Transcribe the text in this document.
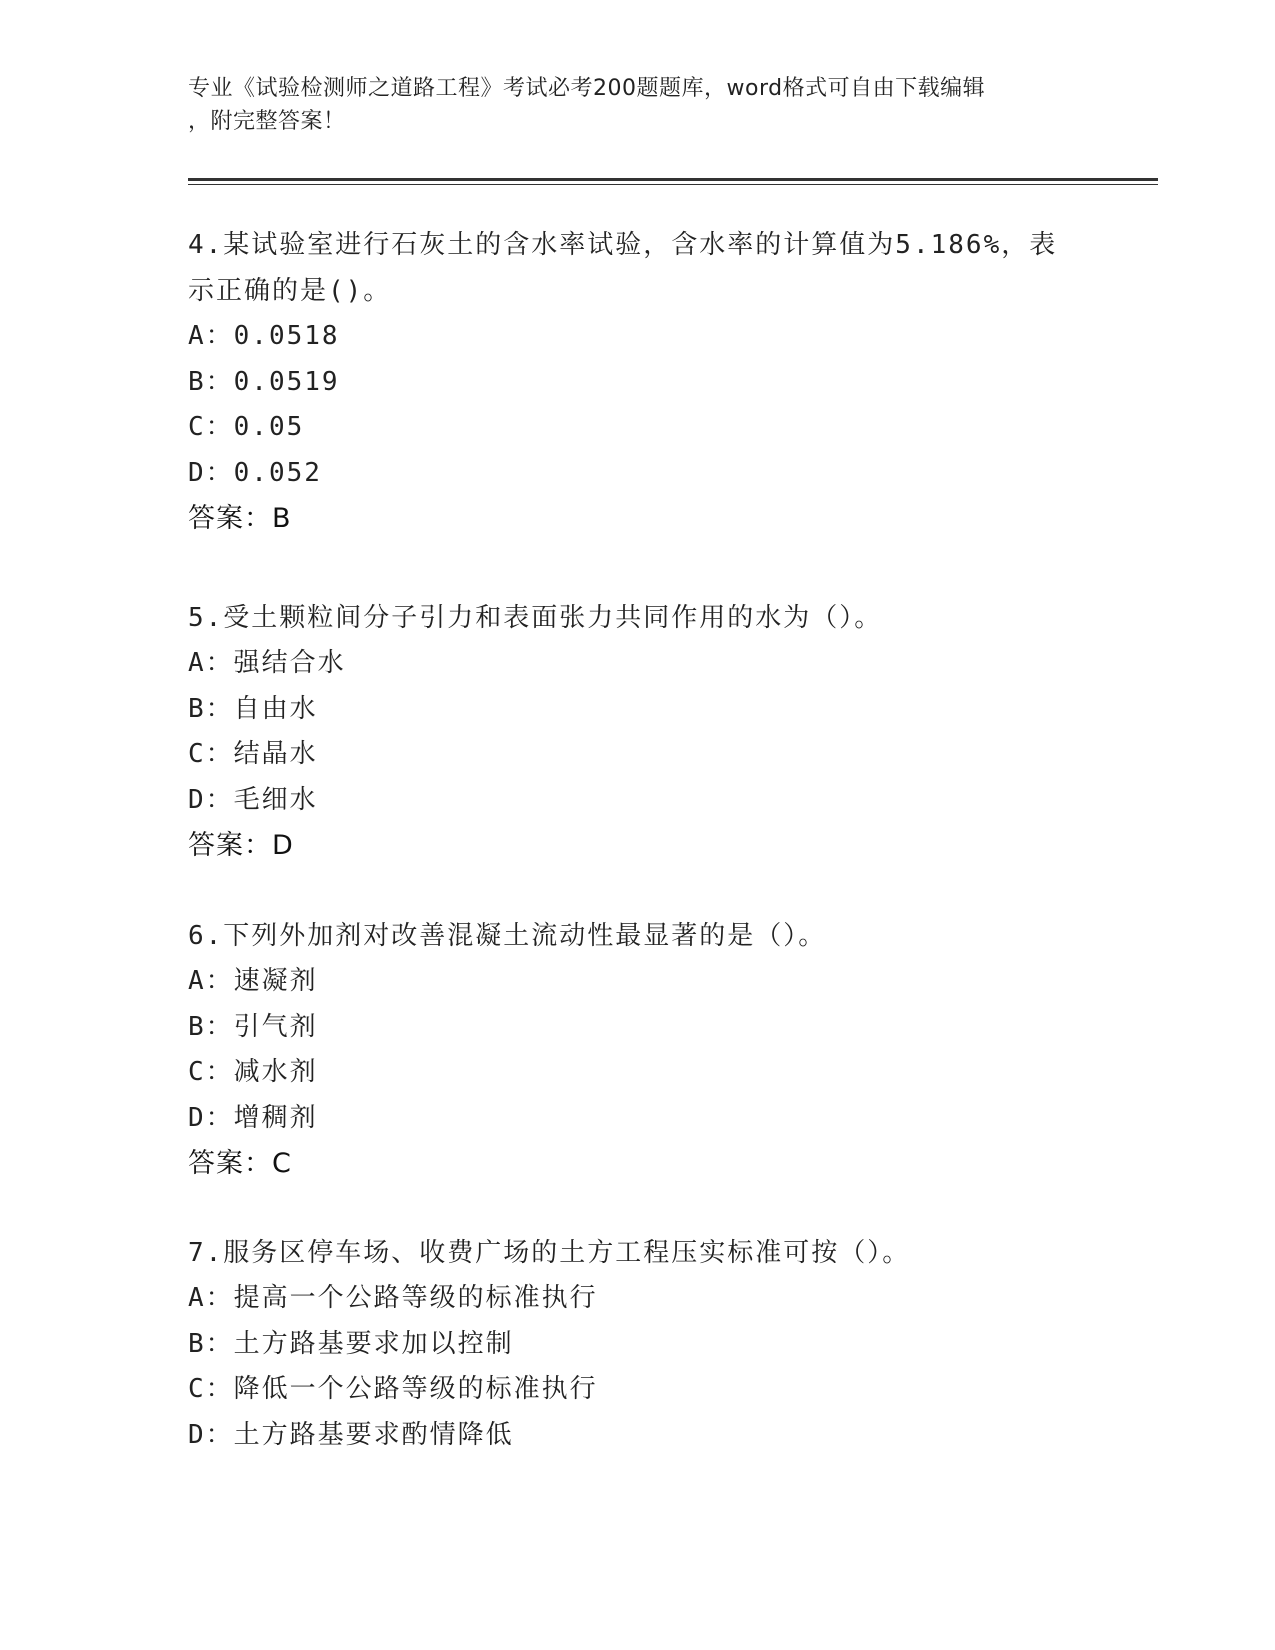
专业《试验检测师之道路工程》考试必考200题题库，word格式可自由下载编辑
，附完整答案！
4.某试验室进行石灰土的含水率试验，含水率的计算值为5.186%，表
示正确的是()。
A：0.0518
B：0.0519
C：0.05
D：0.052
答案：B
5.受土颗粒间分子引力和表面张力共同作用的水为（）。
A：强结合水
B：自由水
C：结晶水
D：毛细水
答案：D
6.下列外加剂对改善混凝土流动性最显著的是（）。
A：速凝剂
B：引气剂
C：减水剂
D：增稠剂
答案：C
7.服务区停车场、收费广场的土方工程压实标准可按（）。
A：提高一个公路等级的标准执行
B：土方路基要求加以控制
C：降低一个公路等级的标准执行
D：土方路基要求酌情降低
